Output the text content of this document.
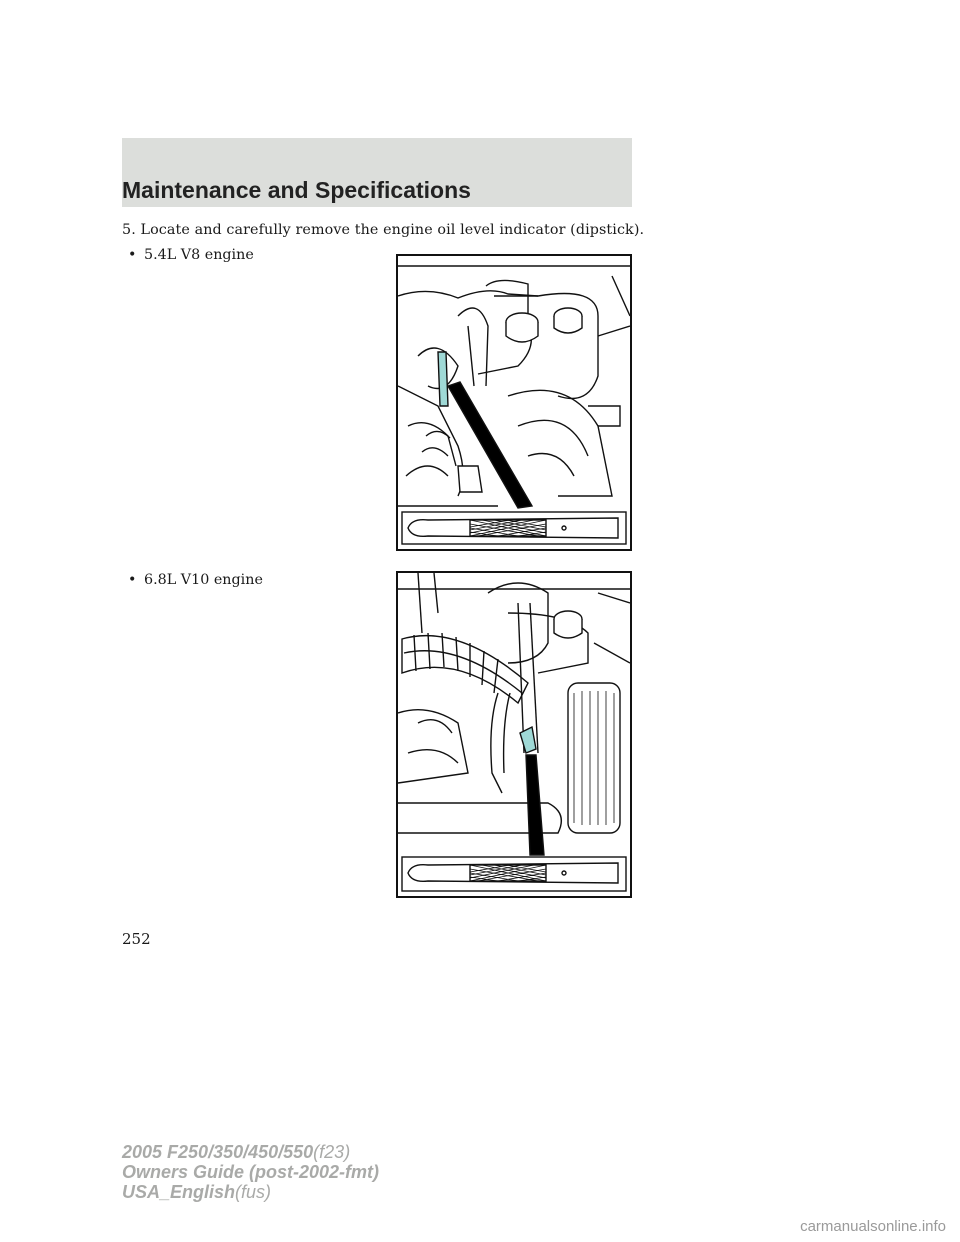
Maintenance and Specifications
5. Locate and carefully remove the engine oil level indicator (dipstick).
• 5.4L V8 engine
• 6.8L V10 engine
252
2005 F250/350/450/550(f23)
Owners Guide (post-2002-fmt)
USA_English(fus)
carmanualsonline.info
